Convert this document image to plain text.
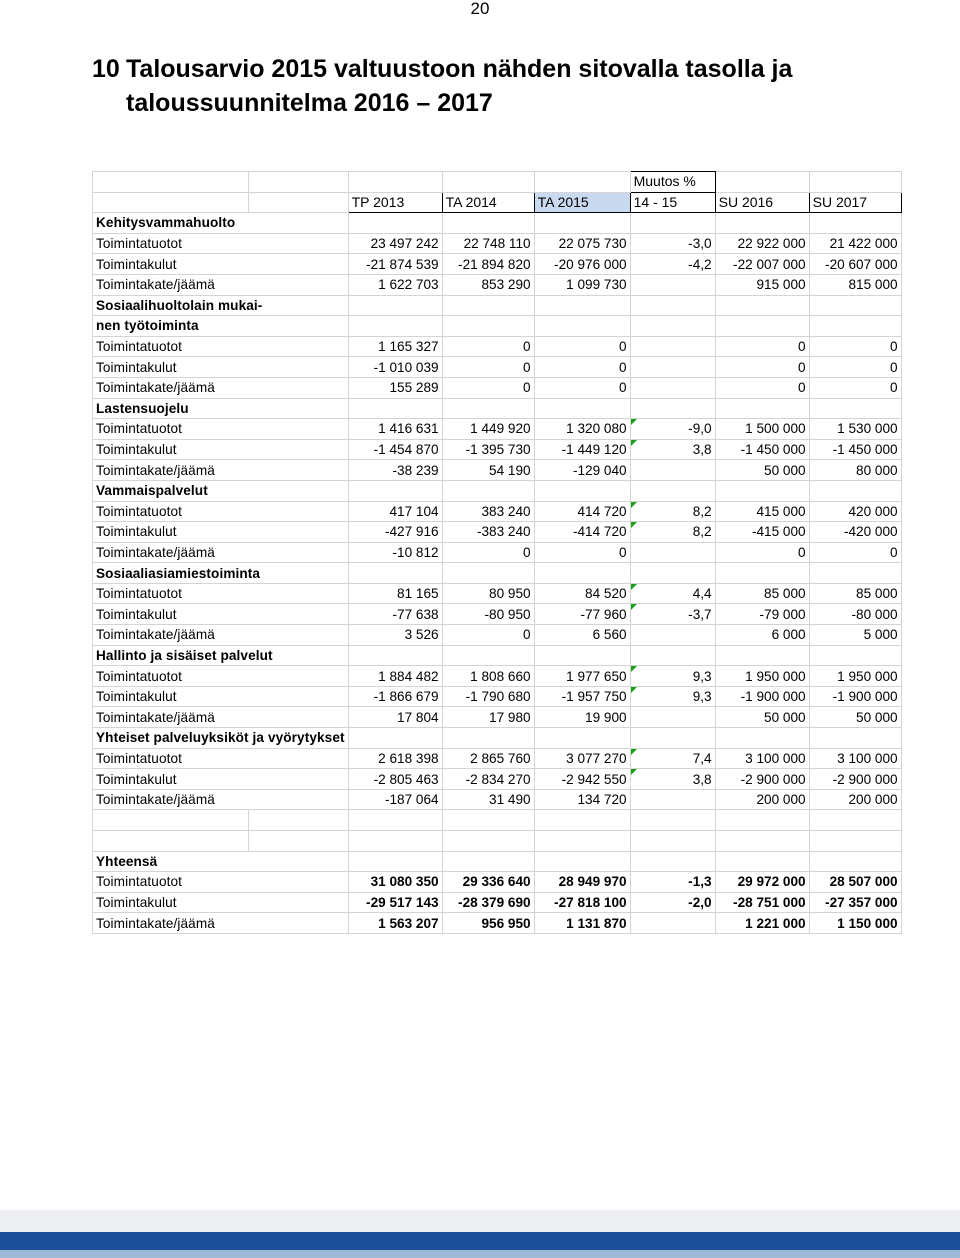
20
10 Talousarvio 2015 valtuustoon nähden sitovalla tasolla ja
taloussuunnitelma 2016 – 2017
					Muutos %		
		TP 2013	TA 2014	TA 2015	14 - 15	SU 2016	SU 2017
Kehitysvammahuolto							
Toimintatuotot		23 497 242	22 748 110	22 075 730	-3,0	22 922 000	21 422 000
Toimintakulut		-21 874 539	-21 894 820	-20 976 000	-4,2	-22 007 000	-20 607 000
Toimintakate/jäämä		1 622 703	853 290	1 099 730		915 000	815 000
Sosiaalihuoltolain mukai-							
nen työtoiminta							
Toimintatuotot		1 165 327	0	0		0	0
Toimintakulut		-1 010 039	0	0		0	0
Toimintakate/jäämä		155 289	0	0		0	0
Lastensuojelu							
Toimintatuotot		1 416 631	1 449 920	1 320 080	-9,0	1 500 000	1 530 000
Toimintakulut		-1 454 870	-1 395 730	-1 449 120	3,8	-1 450 000	-1 450 000
Toimintakate/jäämä		-38 239	54 190	-129 040		50 000	80 000
Vammaispalvelut							
Toimintatuotot		417 104	383 240	414 720	8,2	415 000	420 000
Toimintakulut		-427 916	-383 240	-414 720	8,2	-415 000	-420 000
Toimintakate/jäämä		-10 812	0	0		0	0
Sosiaaliasiamiestoiminta							
Toimintatuotot		81 165	80 950	84 520	4,4	85 000	85 000
Toimintakulut		-77 638	-80 950	-77 960	-3,7	-79 000	-80 000
Toimintakate/jäämä		3 526	0	6 560		6 000	5 000
Hallinto ja sisäiset palvelut							
Toimintatuotot		1 884 482	1 808 660	1 977 650	9,3	1 950 000	1 950 000
Toimintakulut		-1 866 679	-1 790 680	-1 957 750	9,3	-1 900 000	-1 900 000
Toimintakate/jäämä		17 804	17 980	19 900		50 000	50 000
Yhteiset palveluyksiköt ja vyörytykset							
Toimintatuotot		2 618 398	2 865 760	3 077 270	7,4	3 100 000	3 100 000
Toimintakulut		-2 805 463	-2 834 270	-2 942 550	3,8	-2 900 000	-2 900 000
Toimintakate/jäämä		-187 064	31 490	134 720		200 000	200 000

Yhteensä							
Toimintatuotot		31 080 350	29 336 640	28 949 970	-1,3	29 972 000	28 507 000
Toimintakulut		-29 517 143	-28 379 690	-27 818 100	-2,0	-28 751 000	-27 357 000
Toimintakate/jäämä		1 563 207	956 950	1 131 870		1 221 000	1 150 000
